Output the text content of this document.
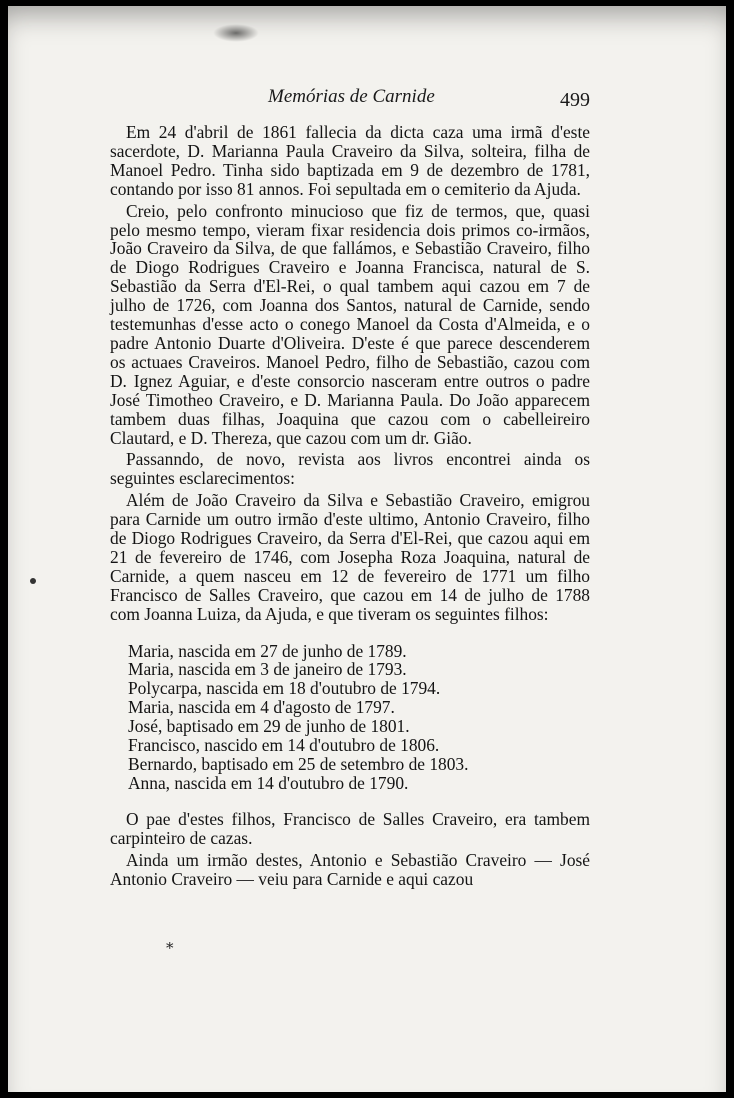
Memórias de Carnide	499

Em 24 d'abril de 1861 fallecia da dicta caza uma irmã d'este sacerdote, D. Marianna Paula Craveiro da Silva, solteira, filha de Manoel Pedro. Tinha sido baptizada em 9 de dezembro de 1781, contando por isso 81 annos. Foi sepultada em o cemiterio da Ajuda.

Creio, pelo confronto minucioso que fiz de termos, que, quasi pelo mesmo tempo, vieram fixar residencia dois primos co-irmãos, João Craveiro da Silva, de que fallámos, e Sebastião Craveiro, filho de Diogo Rodrigues Craveiro e Joanna Francisca, natural de S. Sebastião da Serra d'El-Rei, o qual tambem aqui cazou em 7 de julho de 1726, com Joanna dos Santos, natural de Carnide, sendo testemunhas d'esse acto o conego Manoel da Costa d'Almeida, e o padre Antonio Duarte d'Oliveira. D'este é que parece descenderem os actuaes Craveiros. Manoel Pedro, filho de Sebastião, cazou com D. Ignez Aguiar, e d'este consorcio nasceram entre outros o padre José Timotheo Craveiro, e D. Marianna Paula. Do João apparecem tambem duas filhas, Joaquina que cazou com o cabelleireiro Clautard, e D. Thereza, que cazou com um dr. Gião.

Passanndo, de novo, revista aos livros encontrei ainda os seguintes esclarecimentos:

Além de João Craveiro da Silva e Sebastião Craveiro, emigrou para Carnide um outro irmão d'este ultimo, Antonio Craveiro, filho de Diogo Rodrigues Craveiro, da Serra d'El-Rei, que cazou aqui em 21 de fevereiro de 1746, com Josepha Roza Joaquina, natural de Carnide, a quem nasceu em 12 de fevereiro de 1771 um filho Francisco de Salles Craveiro, que cazou em 14 de julho de 1788 com Joanna Luiza, da Ajuda, e que tiveram os seguintes filhos:

Maria, nascida em 27 de junho de 1789.
Maria, nascida em 3 de janeiro de 1793.
Polycarpa, nascida em 18 d'outubro de 1794.
Maria, nascida em 4 d'agosto de 1797.
José, baptisado em 29 de junho de 1801.
Francisco, nascido em 14 d'outubro de 1806.
Bernardo, baptisado em 25 de setembro de 1803.
Anna, nascida em 14 d'outubro de 1790.

O pae d'estes filhos, Francisco de Salles Craveiro, era tambem carpinteiro de cazas.

Ainda um irmão destes, Antonio e Sebastião Craveiro — José Antonio Craveiro — veiu para Carnide e aqui cazou

*
